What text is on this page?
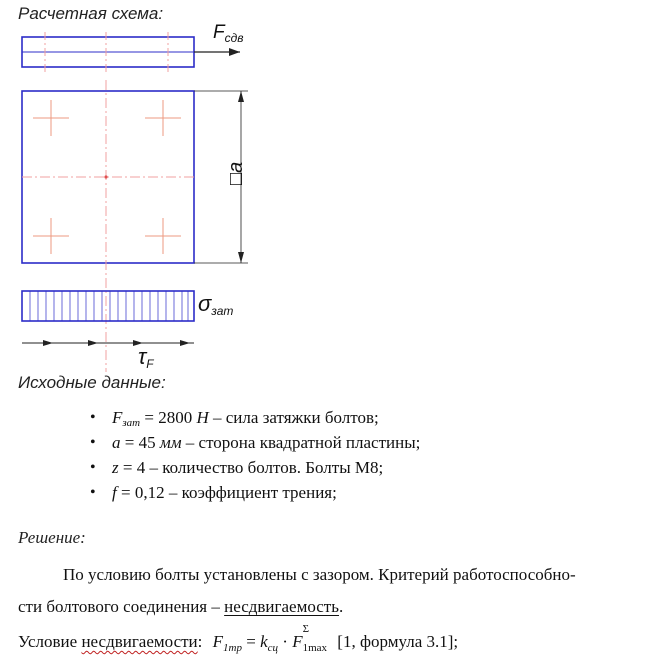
Расчетная схема:
$F_{сдв}$
□a
σзат
τF
Исходные данные:
• $F_{зат} = 2800$ Н – сила затяжки болтов;
• a = 45 мм – сторона квадратной пластины;
• z = 4 – количество болтов. Болты М8;
• f = 0,12 – коэффициент трения;
Решение:
По условию болты установлены с зазором. Критерий работоспособно-
сти болтового соединения – несдвигаемость.
Условие несдвигаемости: $F_{1тр} = k_{сц} \cdot F$
Σ
1max [1, формула 3.1];
